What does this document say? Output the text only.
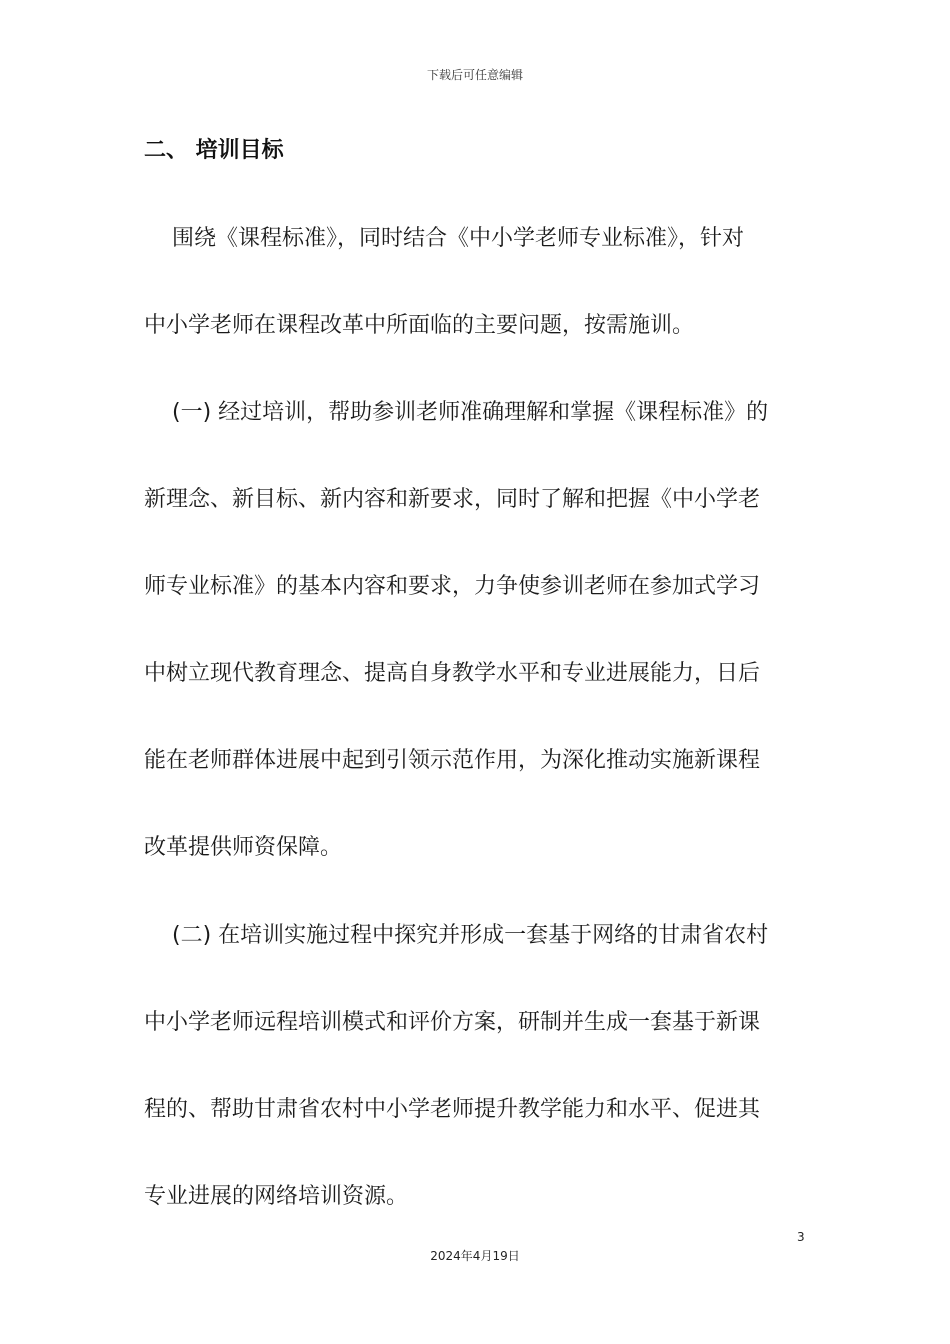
下载后可任意编辑
二、 培训目标
围绕《课程标准》，同时结合《中小学老师专业标准》，针对
中小学老师在课程改革中所面临的主要问题，按需施训。
(一) 经过培训，帮助参训老师准确理解和掌握《课程标准》的
新理念、新目标、新内容和新要求，同时了解和把握《中小学老
师专业标准》的基本内容和要求，力争使参训老师在参加式学习
中树立现代教育理念、提高自身教学水平和专业进展能力，日后
能在老师群体进展中起到引领示范作用，为深化推动实施新课程
改革提供师资保障。
(二) 在培训实施过程中探究并形成一套基于网络的甘肃省农村
中小学老师远程培训模式和评价方案，研制并生成一套基于新课
程的、帮助甘肃省农村中小学老师提升教学能力和水平、促进其
专业进展的网络培训资源。
3
2024年4月19日
